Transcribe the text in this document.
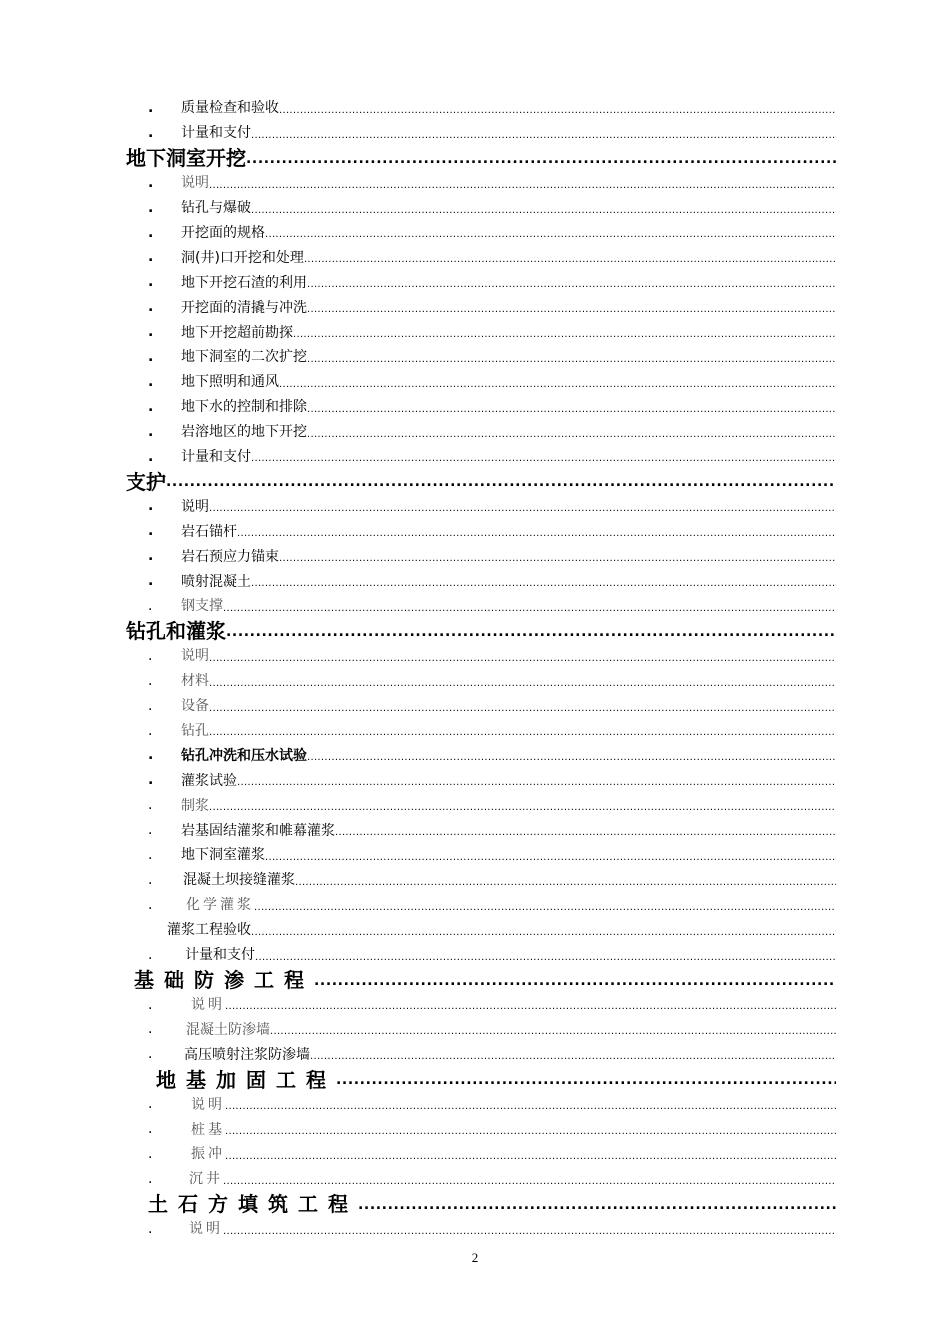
. 质量检查和验收
.....
. 计量和支付
.....
地下洞室开挖
.....
. 说明
.....
. 钻孔与爆破
.....
. 开挖面的规格
.....
. 洞(井)口开挖和处理
.....
. 地下开挖石渣的利用
.....
. 开挖面的清撬与冲洗
.....
. 地下开挖超前勘探
.....
. 地下洞室的二次扩挖
.....
. 地下照明和通风
.....
. 地下水的控制和排除
.....
. 岩溶地区的地下开挖
.....
. 计量和支付
.....
支护
.....
. 说明
.....
. 岩石锚杆
.....
. 岩石预应力锚束
.....
. 喷射混凝土
.....
. 钢支撑
.....
钻孔和灌浆
.....
. 说明
.....
. 材料
.....
. 设备
.....
. 钻孔
.....
. 钻孔冲洗和压水试验
.....
. 灌浆试验
.....
. 制浆
.....
. 岩基固结灌浆和帷幕灌浆
.....
. 地下洞室灌浆
.....
. 混凝土坝接缝灌浆
.....
. 化学灌浆
.....
灌浆工程验收
.....
. 计量和支付
.....
基础防渗工程
.....
.	说明
.....
. 混凝土防渗墙
.....
. 高压喷射注浆防渗墙
.....
地基加固工程
.....
.	说明
.....
.	桩基
.....
.	振冲
.....
. 沉井
.....
土石方填筑工程
.....
. 说明
.....
2
